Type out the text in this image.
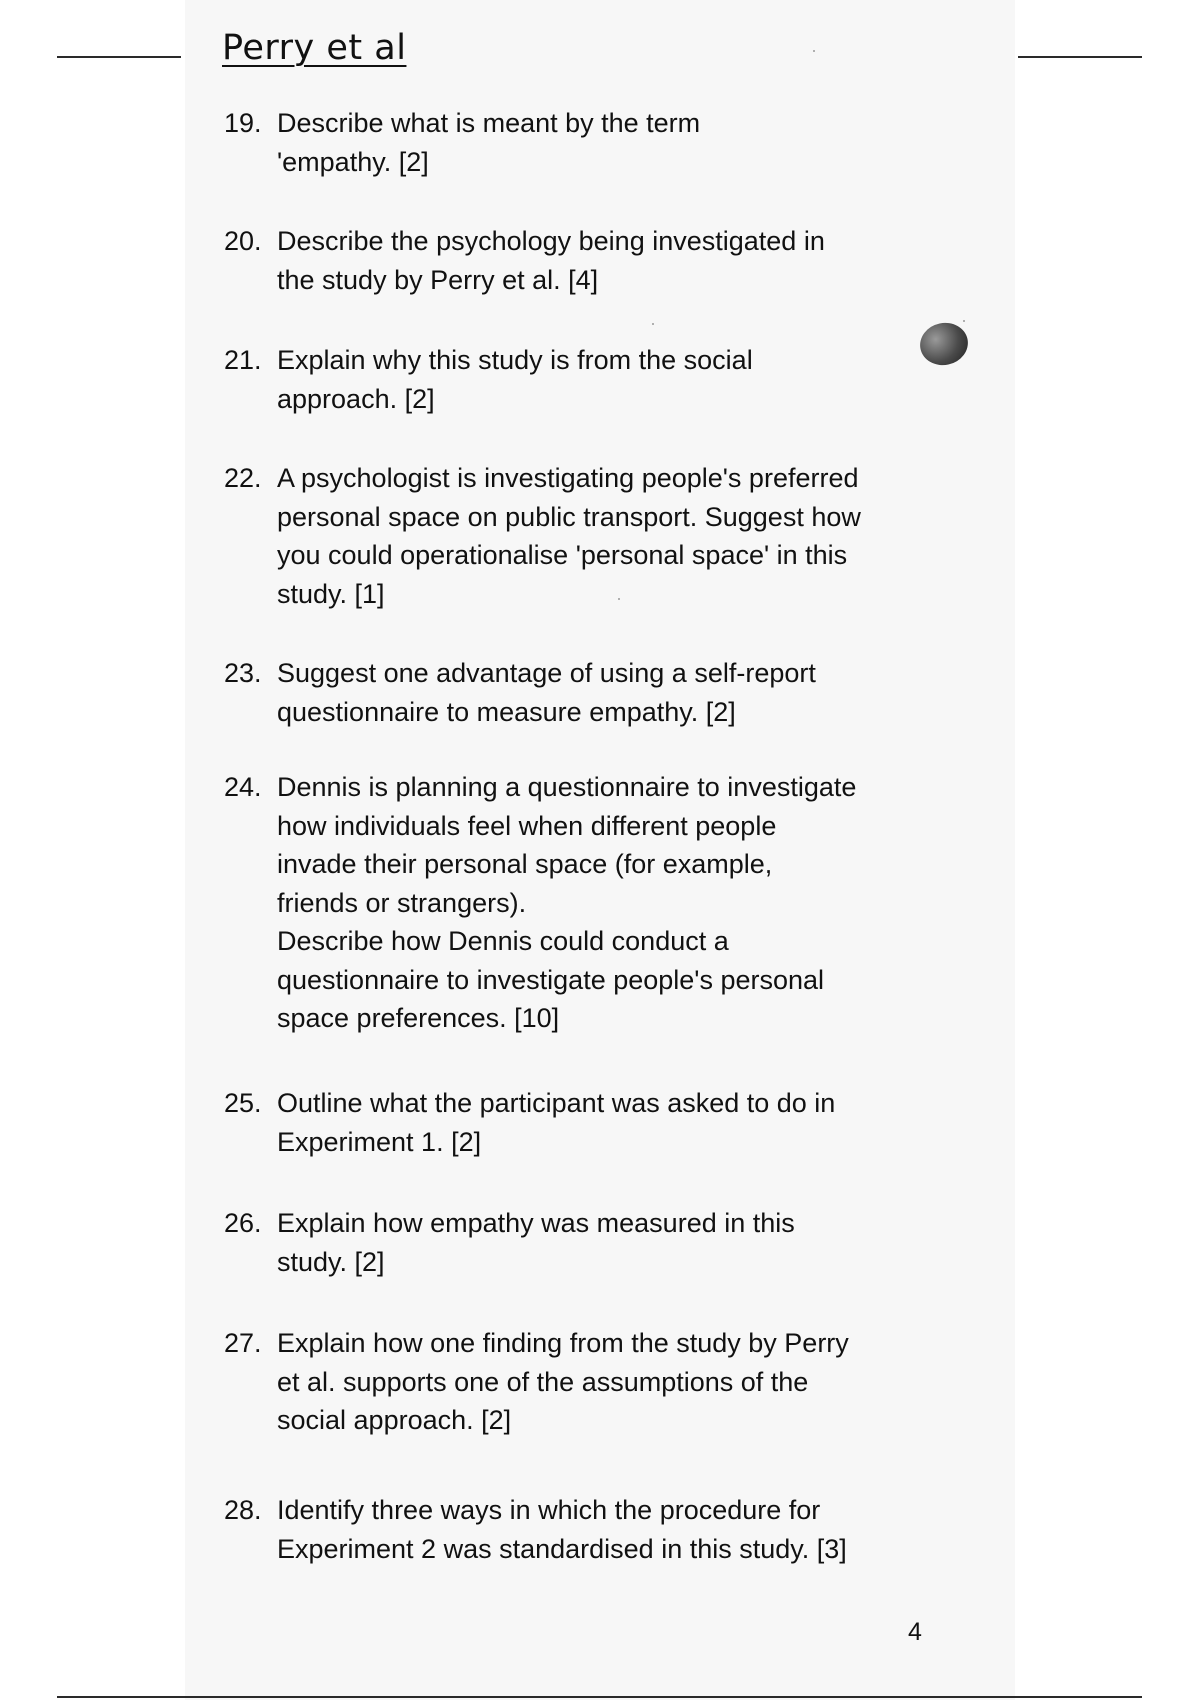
Perry et al
19. Describe what is meant by the term
'empathy. [2]
20. Describe the psychology being investigated in
the study by Perry et al. [4]
21. Explain why this study is from the social
approach. [2]
22. A psychologist is investigating people's preferred
personal space on public transport. Suggest how
you could operationalise 'personal space' in this
study. [1]
23. Suggest one advantage of using a self-report
questionnaire to measure empathy. [2]
24. Dennis is planning a questionnaire to investigate
how individuals feel when different people
invade their personal space (for example,
friends or strangers).
Describe how Dennis could conduct a
questionnaire to investigate people's personal
space preferences. [10]
25. Outline what the participant was asked to do in
Experiment 1. [2]
26. Explain how empathy was measured in this
study. [2]
27. Explain how one finding from the study by Perry
et al. supports one of the assumptions of the
social approach. [2]
28. Identify three ways in which the procedure for
Experiment 2 was standardised in this study. [3]
4
